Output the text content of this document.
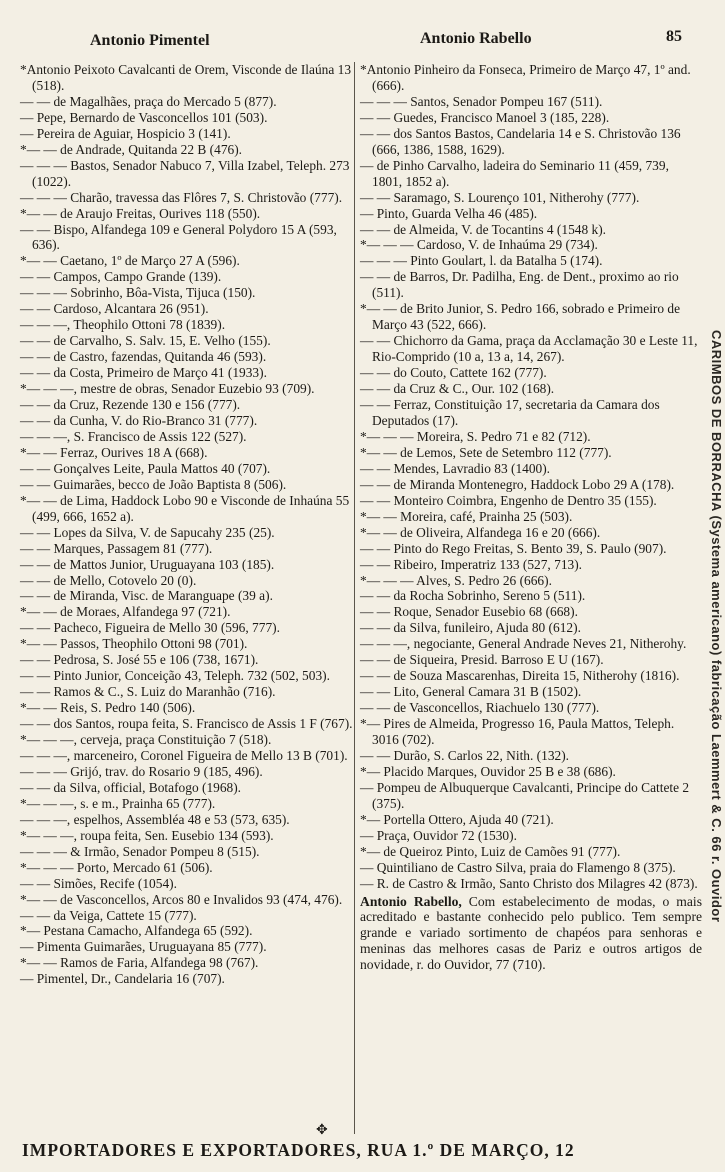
Antonio Pimentel	Antonio Rabello	85

*Antonio Peixoto Cavalcanti de Orem, Visconde de Ilaúna 13 (518).

— — de Magalhães, praça do Mercado 5 (877).

— Pepe, Bernardo de Vasconcellos 101 (503).

— Pereira de Aguiar, Hospicio 3 (141).

*— — de Andrade, Quitanda 22 B (476).

— — — Bastos, Senador Nabuco 7, Villa Izabel, Teleph. 273 (1022).

— — — Charão, travessa das Flôres 7, S. Christovão (777).

*— — de Araujo Freitas, Ourives 118 (550).

— — Bispo, Alfandega 109 e General Polydoro 15 A (593, 636).

*— — Caetano, 1º de Março 27 A (596).

— — Campos, Campo Grande (139).

— — — Sobrinho, Bôa-Vista, Tijuca (150).

— — Cardoso, Alcantara 26 (951).

— — —, Theophilo Ottoni 78 (1839).

— — de Carvalho, S. Salv. 15, E. Velho (155).

— — de Castro, fazendas, Quitanda 46 (593).

— — da Costa, Primeiro de Março 41 (1933).

*— — —, mestre de obras, Senador Euzebio 93 (709).

— — da Cruz, Rezende 130 e 156 (777).

— — da Cunha, V. do Rio-Branco 31 (777).

— — —, S. Francisco de Assis 122 (527).

*— — Ferraz, Ourives 18 A (668).

— — Gonçalves Leite, Paula Mattos 40 (707).

— — Guimarães, becco de João Baptista 8 (506).

*— — de Lima, Haddock Lobo 90 e Visconde de Inhaúna 55 (499, 666, 1652 a).

— — Lopes da Silva, V. de Sapucahy 235 (25).

— — Marques, Passagem 81 (777).

— — de Mattos Junior, Uruguayana 103 (185).

— — de Mello, Cotovelo 20 (0).

— — de Miranda, Visc. de Maranguape (39 a).

*— — de Moraes, Alfandega 97 (721).

— — Pacheco, Figueira de Mello 30 (596, 777).

*— — Passos, Theophilo Ottoni 98 (701).

— — Pedrosa, S. José 55 e 106 (738, 1671).

— — Pinto Junior, Conceição 43, Teleph. 732 (502, 503).

— — Ramos & C., S. Luiz do Maranhão (716).

*— — Reis, S. Pedro 140 (506).

— — dos Santos, roupa feita, S. Francisco de Assis 1 F (767).

*— — —, cerveja, praça Constituição 7 (518).

— — —, marceneiro, Coronel Figueira de Mello 13 B (701).

— — — Grijó, trav. do Rosario 9 (185, 496).

— — da Silva, official, Botafogo (1968).

*— — —, s. e m., Prainha 65 (777).

— — —, espelhos, Assembléa 48 e 53 (573, 635).

*— — —, roupa feita, Sen. Eusebio 134 (593).

— — — & Irmão, Senador Pompeu 8 (515).

*— — — Porto, Mercado 61 (506).

— — Simões, Recife (1054).

*— — de Vasconcellos, Arcos 80 e Invalidos 93 (474, 476).

— — da Veiga, Cattete 15 (777).

*— Pestana Camacho, Alfandega 65 (592).

— Pimenta Guimarães, Uruguayana 85 (777).

*— — Ramos de Faria, Alfandega 98 (767).

— Pimentel, Dr., Candelaria 16 (707).

*Antonio Pinheiro da Fonseca, Primeiro de Março 47, 1º and. (666).

— — — Santos, Senador Pompeu 167 (511).

— — Guedes, Francisco Manoel 3 (185, 228).

— — dos Santos Bastos, Candelaria 14 e S. Christovão 136 (666, 1386, 1588, 1629).

— de Pinho Carvalho, ladeira do Seminario 11 (459, 739, 1801, 1852 a).

— — Saramago, S. Lourenço 101, Nitherohy (777).

— Pinto, Guarda Velha 46 (485).

— — de Almeida, V. de Tocantins 4 (1548 k).

*— — — Cardoso, V. de Inhaúma 29 (734).

— — — Pinto Goulart, l. da Batalha 5 (174).

— — de Barros, Dr. Padilha, Eng. de Dent., proximo ao rio (511).

*— — de Brito Junior, S. Pedro 166, sobrado e Primeiro de Março 43 (522, 666).

— — Chichorro da Gama, praça da Acclamação 30 e Leste 11, Rio-Comprido (10 a, 13 a, 14, 267).

— — do Couto, Cattete 162 (777).

— — da Cruz & C., Our. 102 (168).

— — Ferraz, Constituição 17, secretaria da Camara dos Deputados (17).

*— — — Moreira, S. Pedro 71 e 82 (712).

*— — de Lemos, Sete de Setembro 112 (777).

— — Mendes, Lavradio 83 (1400).

— — de Miranda Montenegro, Haddock Lobo 29 A (178).

— — Monteiro Coimbra, Engenho de Dentro 35 (155).

*— — Moreira, café, Prainha 25 (503).

*— — de Oliveira, Alfandega 16 e 20 (666).

— — Pinto do Rego Freitas, S. Bento 39, S. Paulo (907).

— — Ribeiro, Imperatriz 133 (527, 713).

*— — — Alves, S. Pedro 26 (666).

— — da Rocha Sobrinho, Sereno 5 (511).

— — Roque, Senador Eusebio 68 (668).

— — da Silva, funileiro, Ajuda 80 (612).

— — —, negociante, General Andrade Neves 21, Nitherohy.

— — de Siqueira, Presid. Barroso E U (167).

— — de Souza Mascarenhas, Direita 15, Nitherohy (1816).

— — Lito, General Camara 31 B (1502).

— — de Vasconcellos, Riachuelo 130 (777).

*— Pires de Almeida, Progresso 16, Paula Mattos, Teleph. 3016 (702).

— — Durão, S. Carlos 22, Nith. (132).

*— Placido Marques, Ouvidor 25 B e 38 (686).

— Pompeu de Albuquerque Cavalcanti, Principe do Cattete 2 (375).

*— Portella Ottero, Ajuda 40 (721).

— Praça, Ouvidor 72 (1530).

*— de Queiroz Pinto, Luiz de Camões 91 (777).

— Quintiliano de Castro Silva, praia do Flamengo 8 (375).

— R. de Castro & Irmão, Santo Christo dos Milagres 42 (873).

Antonio Rabello, Com estabelecimento de modas, o mais acreditado e bastante conhecido pelo publico. Tem sempre grande e variado sortimento de chapéos para senhoras e meninas das melhores casas de Pariz e outros artigos de novidade, r. do Ouvidor, 77 (710).

CARIMBOS DE BORRACHA (Systema americano) fabricação Laemmert & C. 66 r. Ouvidor
✥
IMPORTADORES E EXPORTADORES, RUA 1.º DE MARÇO, 12
